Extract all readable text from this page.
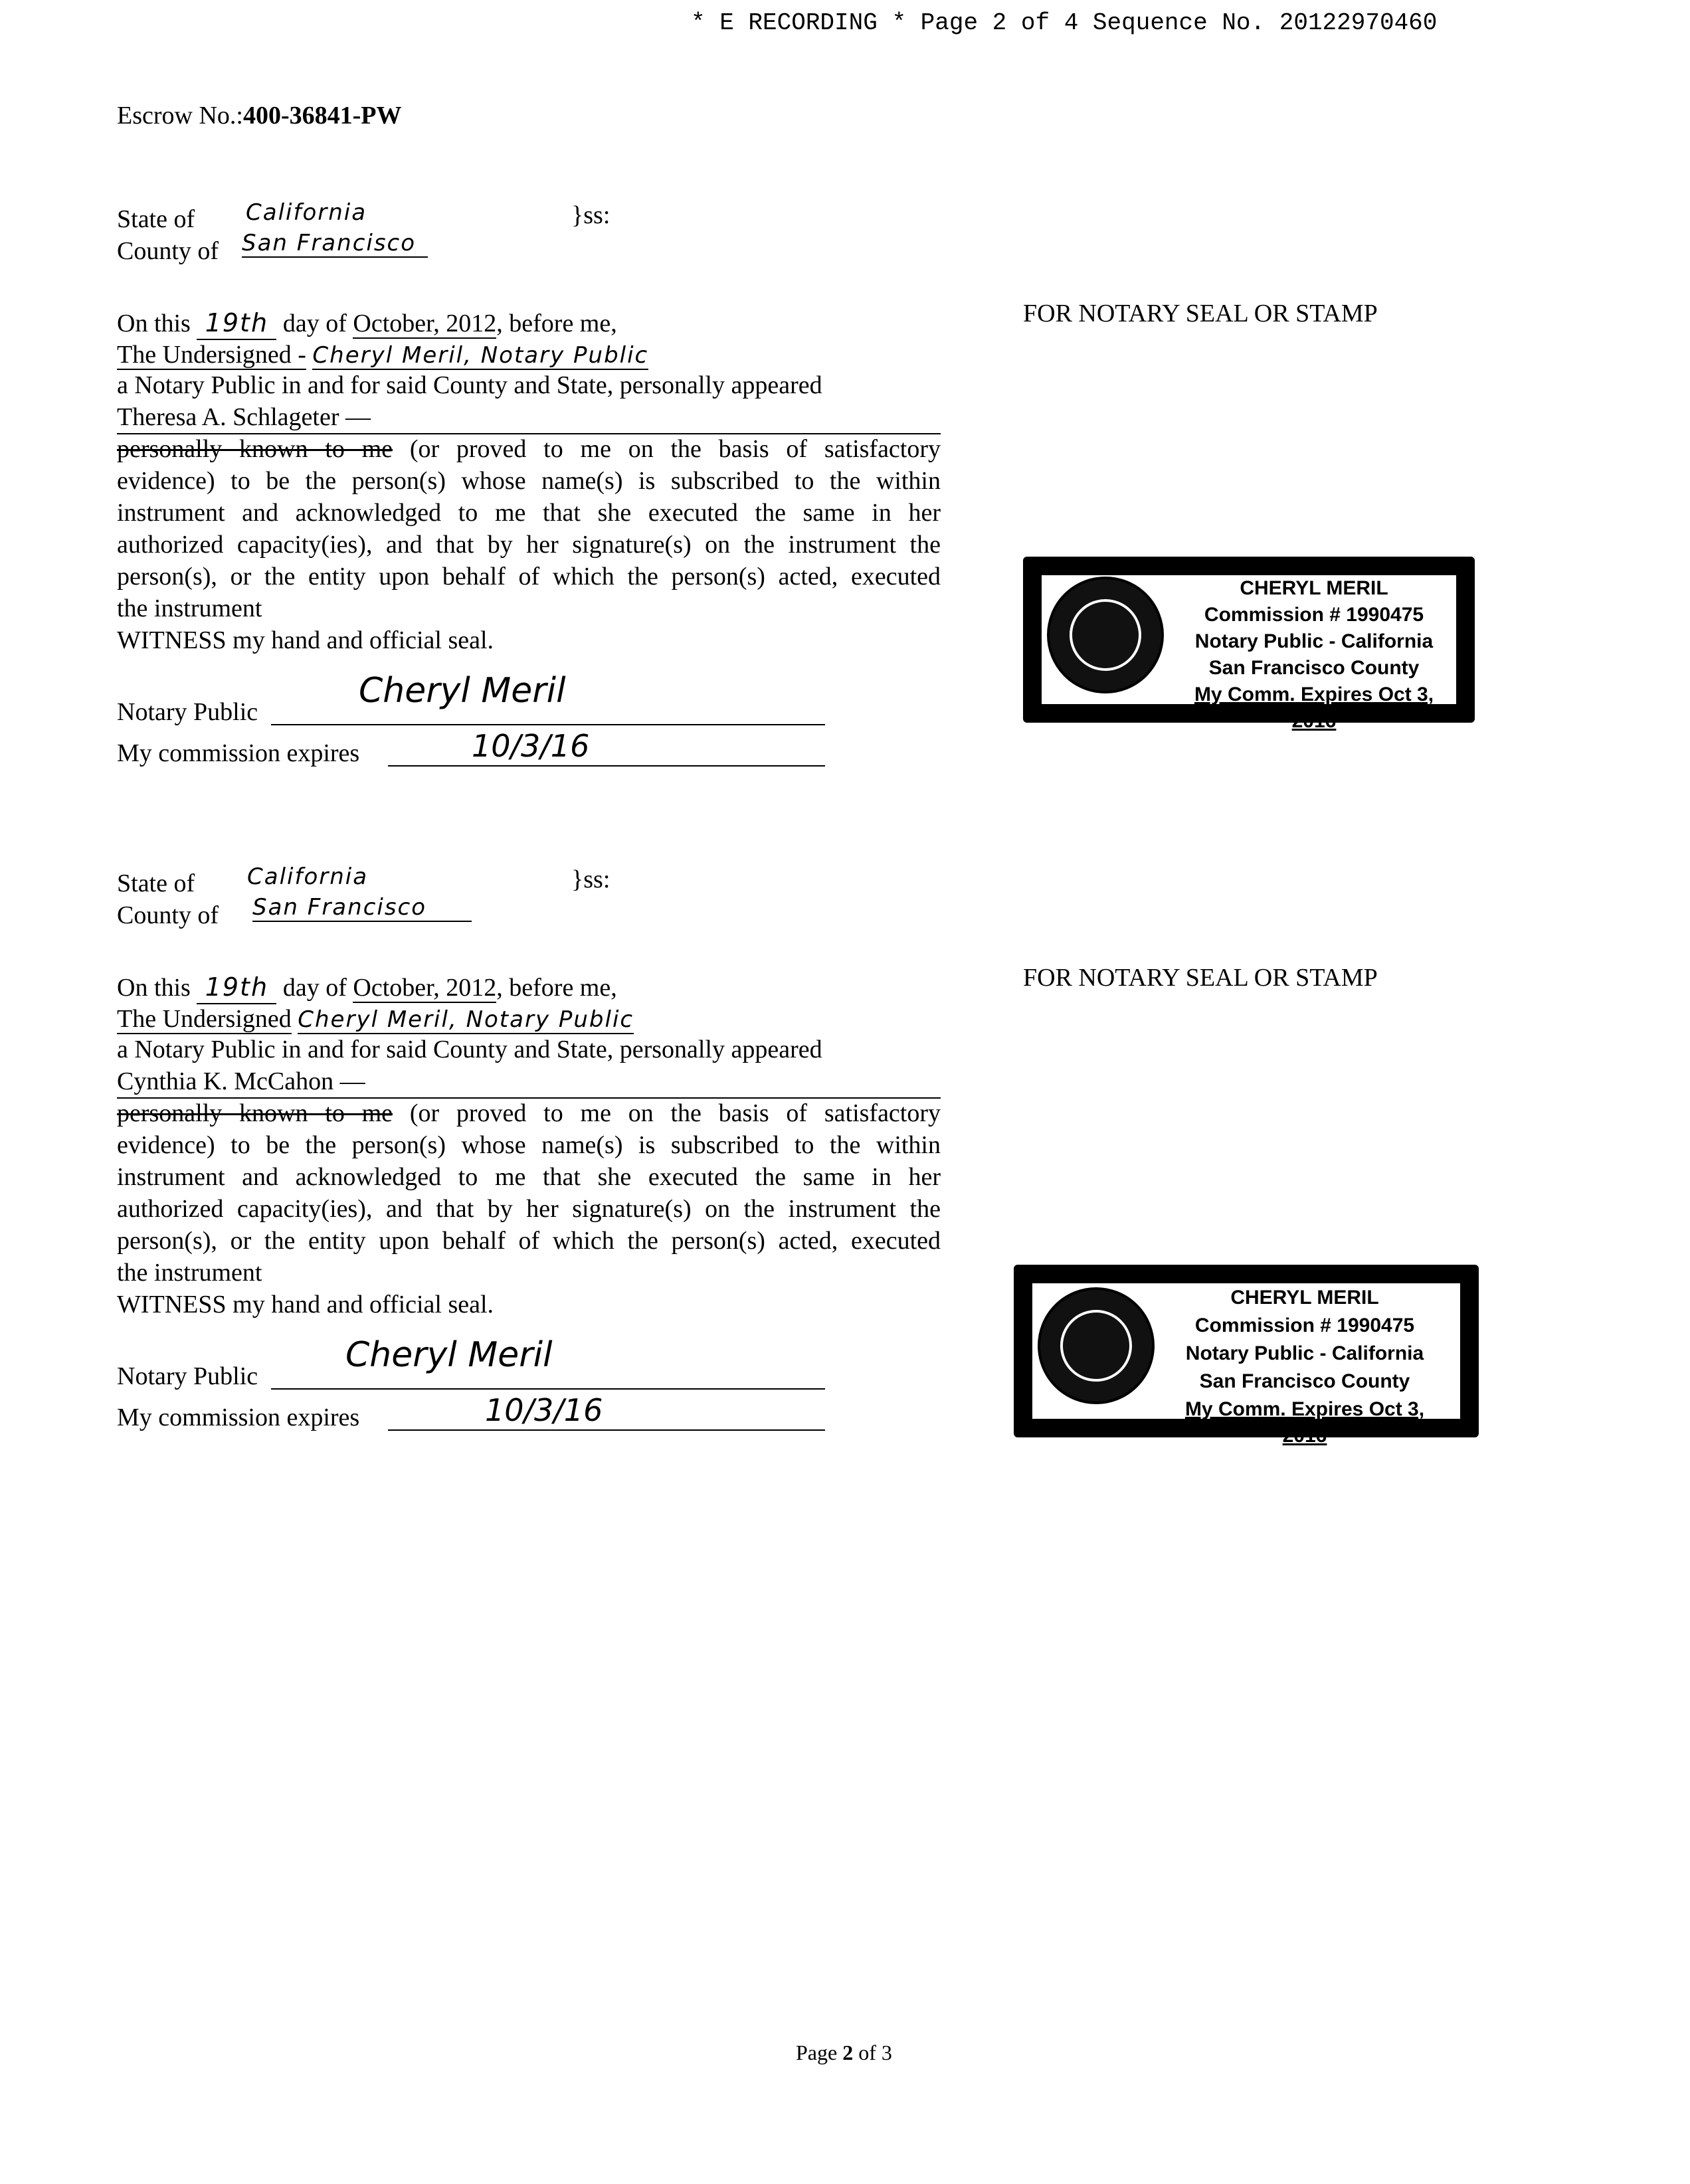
* E RECORDING * Page 2 of 4 Sequence No. 20122970460
Escrow No.:400-36841-PW
State of California	}ss:
County of San Francisco
On this 19th day of October, 2012, before me,
The Undersigned - Cheryl Meril, Notary Public
a Notary Public in and for said County and State, personally appeared
Theresa A. Schlageter —
personally known to me (or proved to me on the basis of satisfactory
evidence) to be the person(s) whose name(s) is subscribed to the within
instrument and acknowledged to me that she executed the same in her
authorized capacity(ies), and that by her signature(s) on the instrument the
person(s), or the entity upon behalf of which the person(s) acted, executed
the instrument
WITNESS my hand and official seal.
Notary Public
Cheryl Meril
My commission expires	10/3/16
FOR NOTARY SEAL OR STAMP
CHERYL MERIL
Commission # 1990475
Notary Public - California
San Francisco County
My Comm. Expires Oct 3, 2016
State of California	}ss:
County of San Francisco
On this 19th day of October, 2012, before me,
The Undersigned Cheryl Meril, Notary Public
a Notary Public in and for said County and State, personally appeared
Cynthia K. McCahon —
personally known to me (or proved to me on the basis of satisfactory
evidence) to be the person(s) whose name(s) is subscribed to the within
instrument and acknowledged to me that she executed the same in her
authorized capacity(ies), and that by her signature(s) on the instrument the
person(s), or the entity upon behalf of which the person(s) acted, executed
the instrument
WITNESS my hand and official seal.
Notary Public
Cheryl Meril
My commission expires	10/3/16
FOR NOTARY SEAL OR STAMP
CHERYL MERIL
Commission # 1990475
Notary Public - California
San Francisco County
My Comm. Expires Oct 3, 2016
Page 2 of 3
